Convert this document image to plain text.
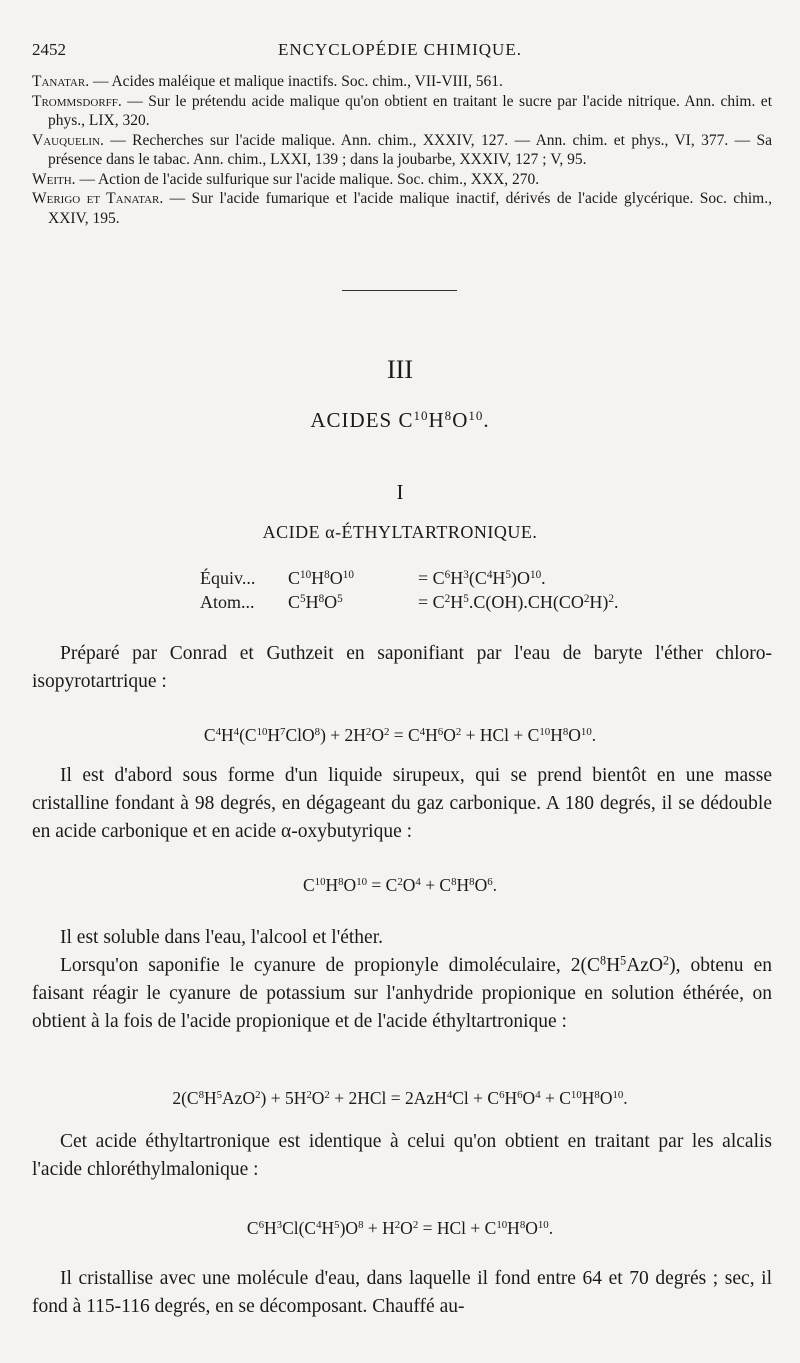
2452	ENCYCLOPÉDIE CHIMIQUE.

Tanatar. — Acides maléique et malique inactifs. Soc. chim., VII-VIII, 561.

Trommsdorff. — Sur le prétendu acide malique qu'on obtient en traitant le sucre par l'acide nitrique. Ann. chim. et phys., LIX, 320.

Vauquelin. — Recherches sur l'acide malique. Ann. chim., XXXIV, 127. — Ann. chim. et phys., VI, 377. — Sa présence dans le tabac. Ann. chim., LXXI, 139 ; dans la joubarbe, XXXIV, 127 ; V, 95.

Weith. — Action de l'acide sulfurique sur l'acide malique. Soc. chim., XXX, 270.

Werigo et Tanatar. — Sur l'acide fumarique et l'acide malique inactif, dérivés de l'acide glycérique. Soc. chim., XXIV, 195.

III
ACIDES $C^{10}H^8O^{10}$.
I
ACIDE α-ÉTHYLTARTRONIQUE.
Équiv... $C^{10}H^8O^{10}$	= $C^6H^3(C^4H^5)O^{10}$.
Atom... $C^5H^8O^5$	= $C^2H^5.C(OH).CH(CO^2H)^2$.
Préparé par Conrad et Guthzeit en saponifiant par l'eau de baryte l'éther chloro-isopyrotartrique :
$C^4H^4(C^{10}H^7ClO^8) + 2H^2O^2 = C^4H^6O^2$ + HCl + $C^{10}H^8O^{10}$.
Il est d'abord sous forme d'un liquide sirupeux, qui se prend bientôt en une masse cristalline fondant à 98 degrés, en dégageant du gaz carbonique. A 180 degrés, il se dédouble en acide carbonique et en acide α-oxybutyrique :
$C^{10}H^8O^{10} = C^2O^4 + C^8H^8O^6$.
Il est soluble dans l'eau, l'alcool et l'éther.
Lorsqu'on saponifie le cyanure de propionyle dimoléculaire, $2(C^8H^5AzO^2)$, obtenu en faisant réagir le cyanure de potassium sur l'anhydride propionique en solution éthérée, on obtient à la fois de l'acide propionique et de l'acide éthyltartronique :
$2(C^8H^5AzO^2) + 5H^2O^2 + 2HCl = 2AzH^4Cl + C^6H^6O^4 + C^{10}H^8O^{10}$.
Cet acide éthyltartronique est identique à celui qu'on obtient en traitant par les alcalis l'acide chloréthylmalonique :
$C^6H^3Cl(C^4H^5)O^8 + H^2O^2$ = HCl + $C^{10}H^8O^{10}$.
Il cristallise avec une molécule d'eau, dans laquelle il fond entre 64 et 70 degrés ; sec, il fond à 115-116 degrés, en se décomposant. Chauffé au-
